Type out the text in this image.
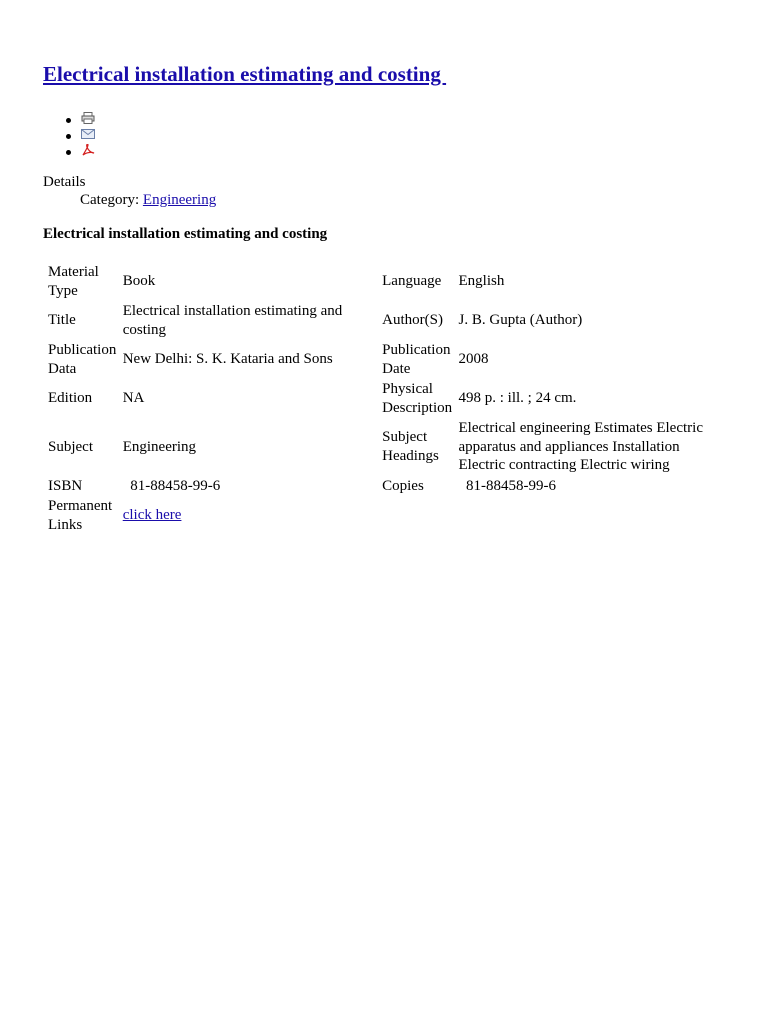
Electrical installation estimating and costing
Details
Category: Engineering
Electrical installation estimating and costing
Material Type	Book	Language	English
Title	Electrical installation estimating and costing	Author(S)	J. B. Gupta (Author)
Publication Data	New Delhi: S. K. Kataria and Sons	Publication Date	2008
Edition	NA	Physical Description	498 p. : ill. ; 24 cm.
Subject	Engineering	Subject Headings	Electrical engineering Estimates Electric apparatus and appliances Installation Electric contracting Electric wiring
ISBN	81-88458-99-6	Copies	81-88458-99-6
Permanent Links	click here		
